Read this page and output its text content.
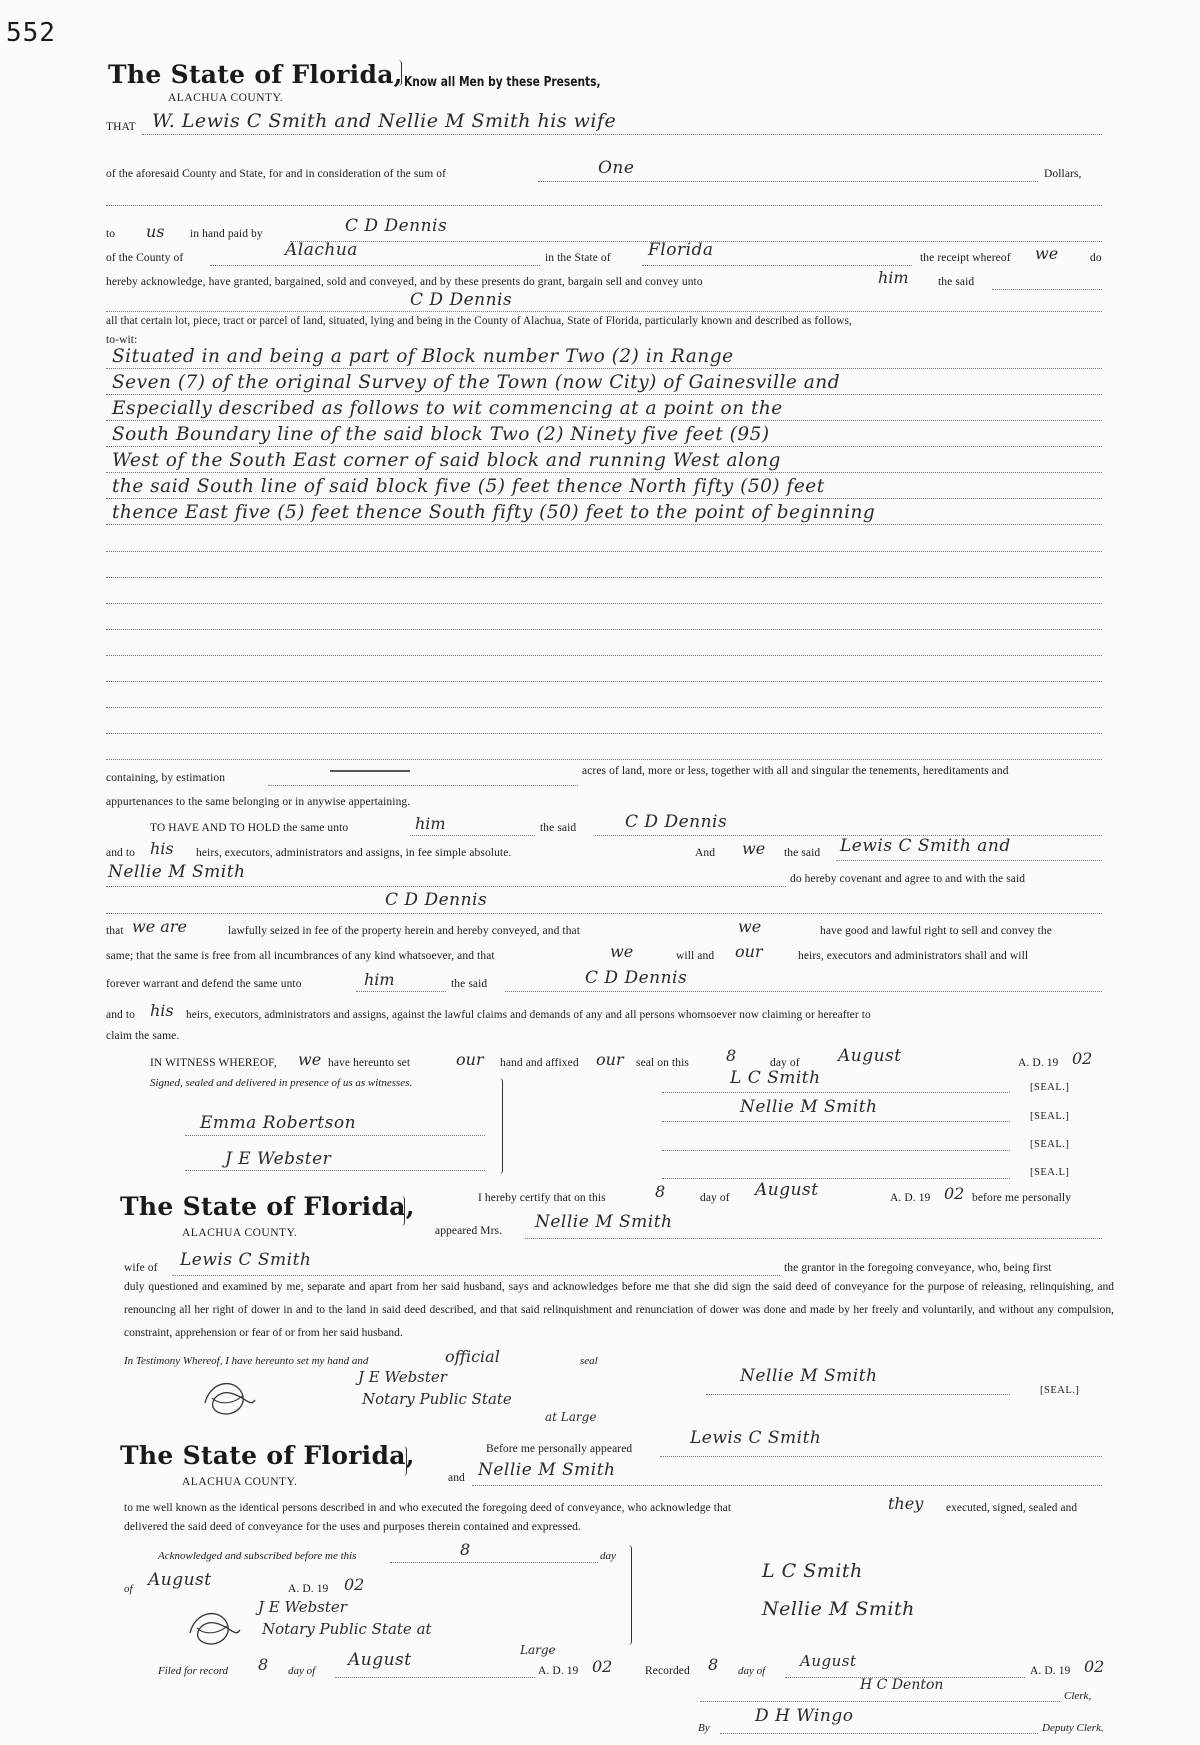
552
The State of Florida, Know all Men by these Presents,
ALACHUA COUNTY.
THAT W. Lewis C Smith and Nellie M Smith his wife
of the aforesaid County and State, for and in consideration of the sum of	One	Dollars,
to us in hand paid by	C D Dennis
of the County of	Alachua	in the State of Florida	the receipt whereof we	do
hereby acknowledge, have granted, bargained, sold and conveyed, and by these presents do grant, bargain sell and convey unto	him	the said
C D Dennis
all that certain lot, piece, tract or parcel of land, situated, lying and being in the County of Alachua, State of Florida, particularly known and described as follows,
to-wit:
Situated in and being a part of Block number Two (2) in Range
Seven (7) of the original Survey of the Town (now City) of Gainesville and
Especially described as follows to wit commencing at a point on the
South Boundary line of the said block Two (2) Ninety five feet (95)
West of the South East corner of said block and running West along
the said South line of said block five (5) feet thence North fifty (50) feet
thence East five (5) feet thence South fifty (50) feet to the point of beginning
containing, by estimation
acres of land, more or less, together with all and singular the tenements, hereditaments and
appurtenances to the same belonging or in anywise appertaining.
TO HAVE AND TO HOLD the same unto	him	the said	C D Dennis
and to his heirs, executors, administrators and assigns, in fee simple absolute.	And we the said Lewis C Smith and
Nellie M Smith	do hereby covenant and agree to and with the said
C D Dennis
that we are	lawfully seized in fee of the property herein and hereby conveyed, and that	we	have good and lawful right to sell and convey the
same; that the same is free from all incumbrances of any kind whatsoever, and that	we	will and our	heirs, executors and administrators shall and will
forever warrant and defend the same unto	him	the said	C D Dennis
and to his heirs, executors, administrators and assigns, against the lawful claims and demands of any and all persons whomsoever now claiming or hereafter to
claim the same.
IN WITNESS WHEREOF, we have hereunto set	our hand and affixed our seal on this 8	day of August	A. D. 19 02
Signed, sealed and delivered in presence of us as witnesses.	L C Smith	[SEAL.]
Nellie M Smith	[SEAL.]
[SEAL.]
[SEA.L]
Emma Robertson
J E Webster
The State of Florida,
ALACHUA COUNTY.
I hereby certify that on this	8	day of August	A. D. 19 02 before me personally
appeared Mrs. Nellie M Smith
wife of Lewis C Smith	the grantor in the foregoing conveyance, who, being first
duly questioned and examined by me, separate and apart from her said husband, says and acknowledges before me that she did sign the said deed of conveyance for the purpose of releasing, relinquishing, and renouncing all her right of dower in and to the land in said deed described, and that said relinquishment and renunciation of dower was done and made by her freely and voluntarily, and without any compulsion, constraint, apprehension or fear of or from her said husband.
In Testimony Whereof, I have hereunto set my hand and	official	seal
J E Webster
Notary Public State
at Large
Nellie M Smith
[SEAL.]
The State of Florida,
ALACHUA COUNTY.
Before me personally appeared
Lewis C Smith
and Nellie M Smith
to me well known as the identical persons described in and who executed the foregoing deed of conveyance, who acknowledge that	they executed, signed, sealed and
delivered the said deed of conveyance for the uses and purposes therein contained and expressed.
Acknowledged and subscribed before me this	8	day
of August	A. D. 19 02
J E Webster
Notary Public State at
Large
L C Smith
Nellie M Smith
Filed for record 8 day of
August
A. D. 19 02	Recorded 8 day of
August
A. D. 19 02
H C Denton
Clerk,
By
D H Wingo
Deputy Clerk.
